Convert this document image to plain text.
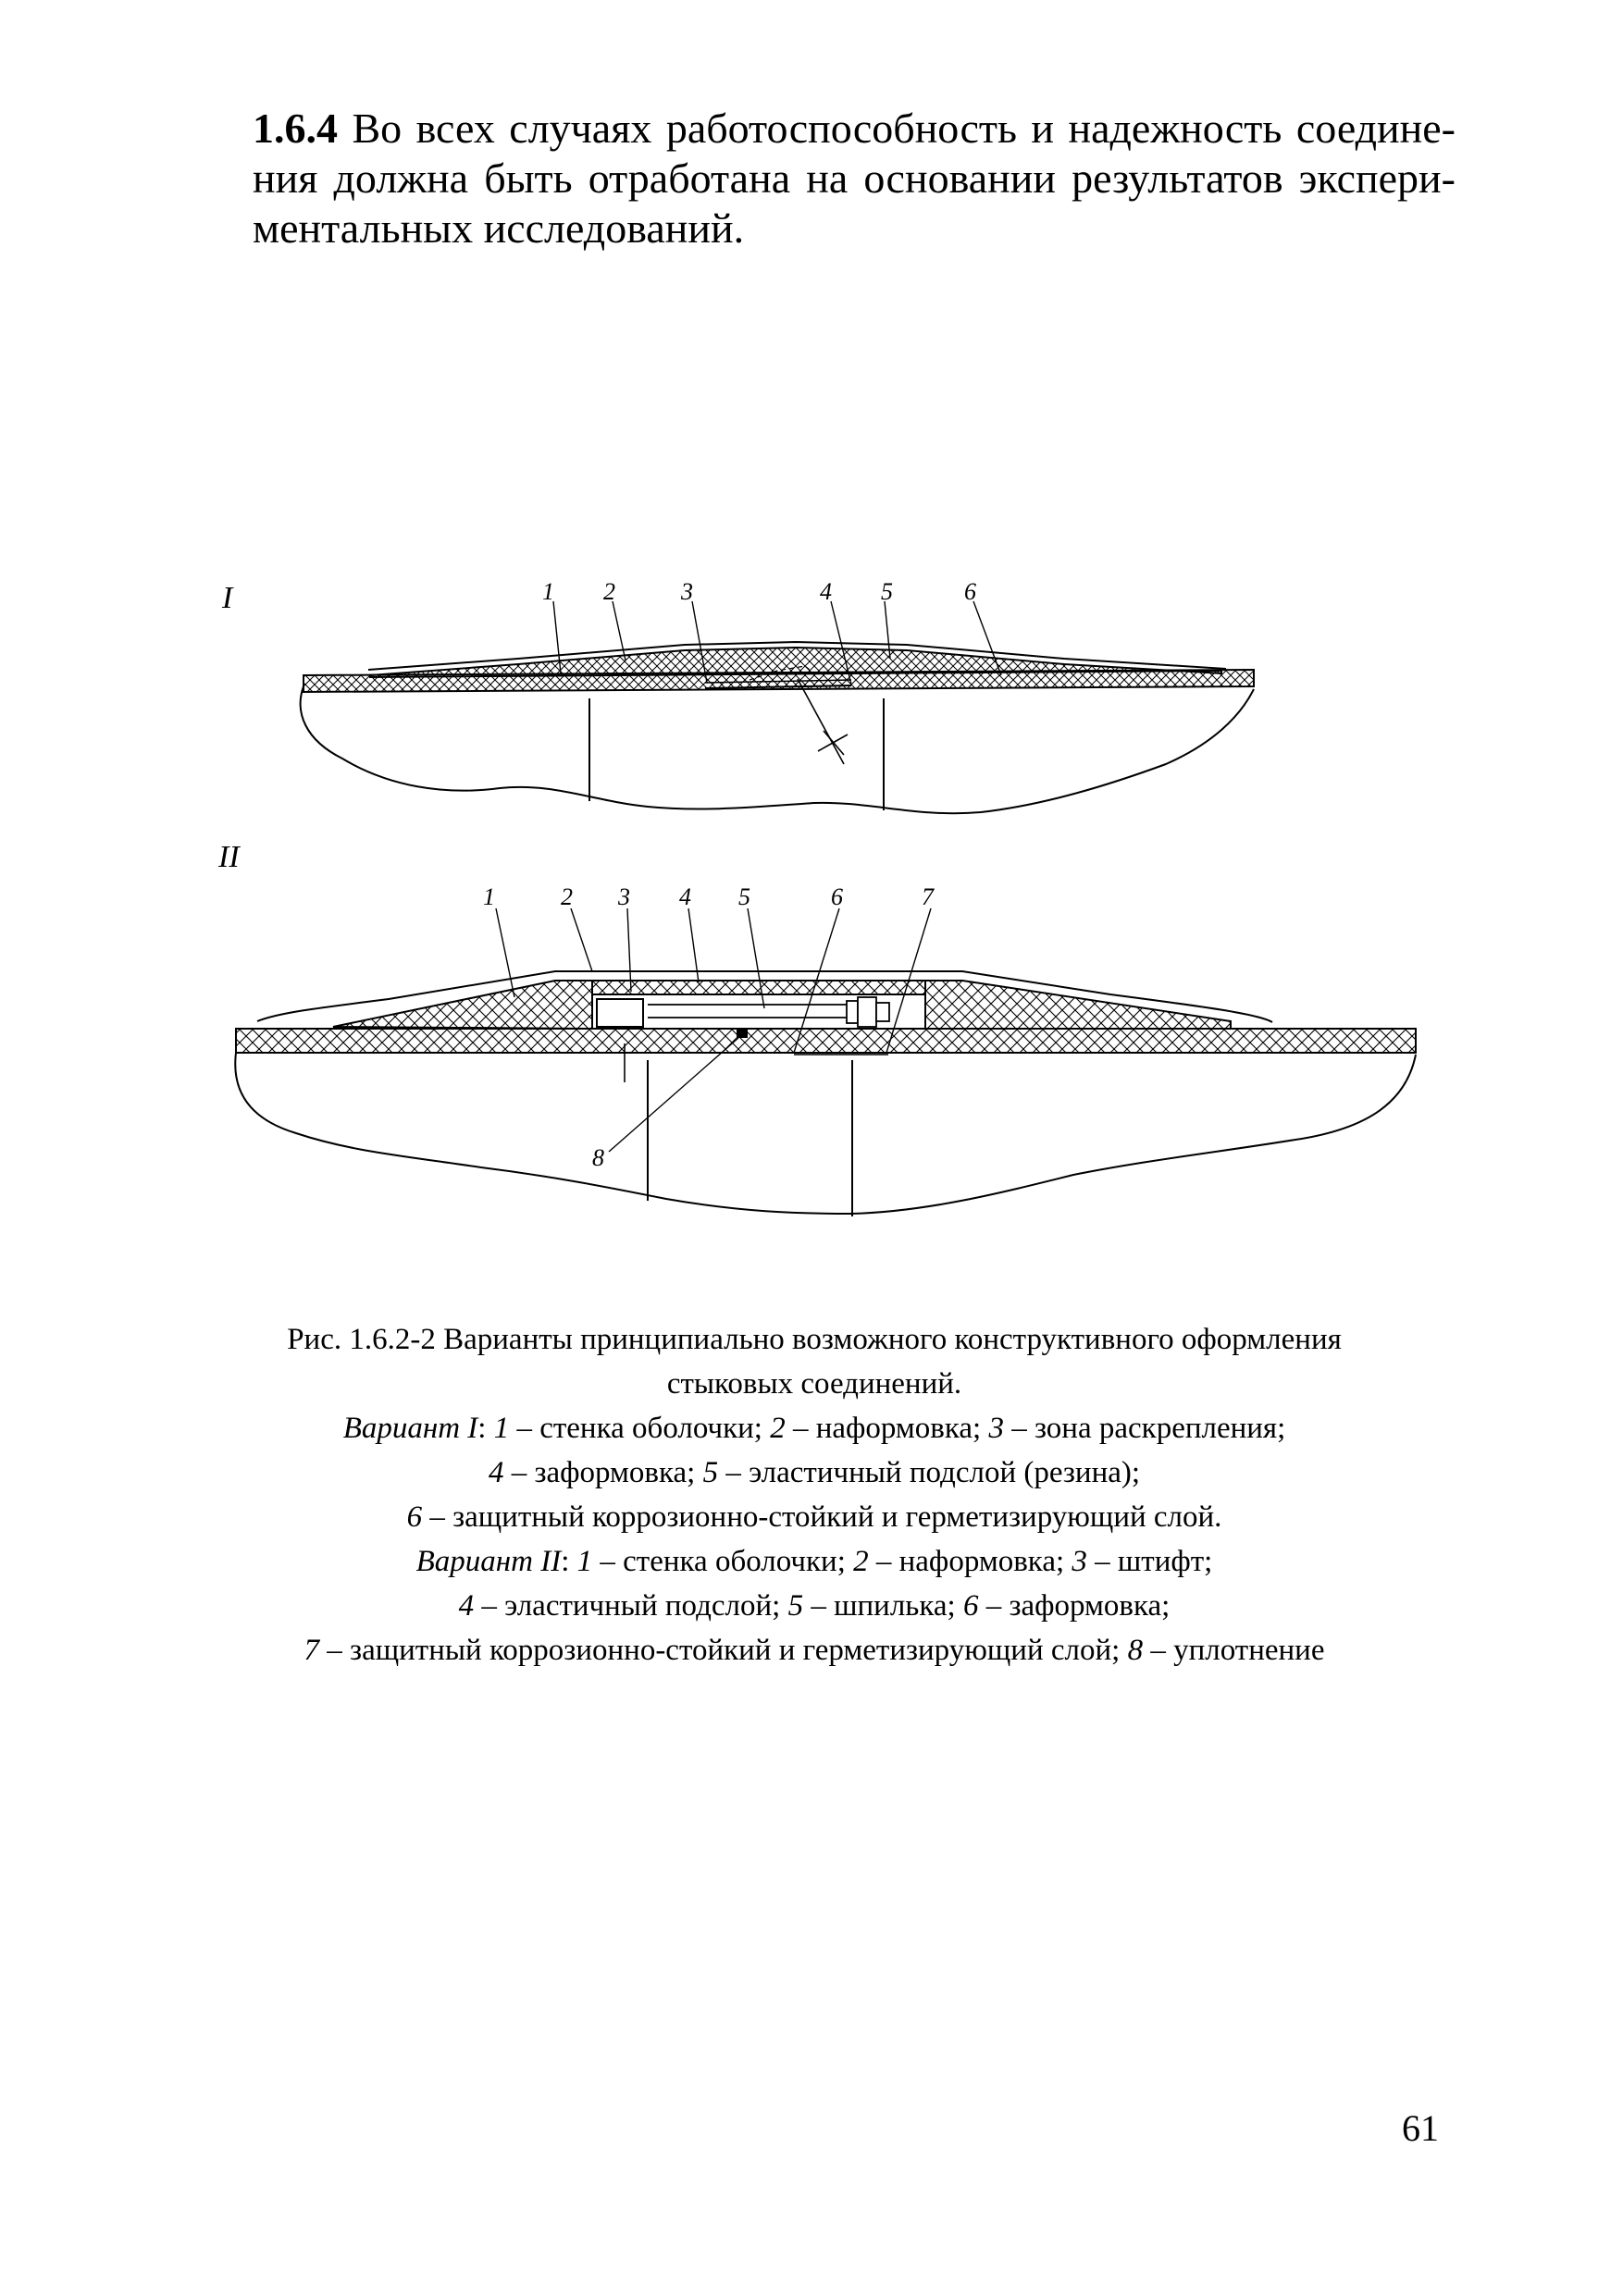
1.6.4 Во всех случаях работоспособность и надежность соедине-
ния должна быть отработана на основании результатов экспери-
ментальных исследований.
I
II
1 2	3	4 5	6
1	2 3 4 5	6	7
8
Рис. 1.6.2-2 Варианты принципиально возможного конструктивного оформления
стыковых соединений.
Вариант I: 1 – стенка оболочки; 2 – наформовка; 3 – зона раскрепления;
4 – заформовка; 5 – эластичный подслой (резина);
6 – защитный коррозионно-стойкий и герметизирующий слой.
Вариант II: 1 – стенка оболочки; 2 – наформовка; 3 – штифт;
4 – эластичный подслой; 5 – шпилька; 6 – заформовка;
7 – защитный коррозионно-стойкий и герметизирующий слой; 8 – уплотнение
61
